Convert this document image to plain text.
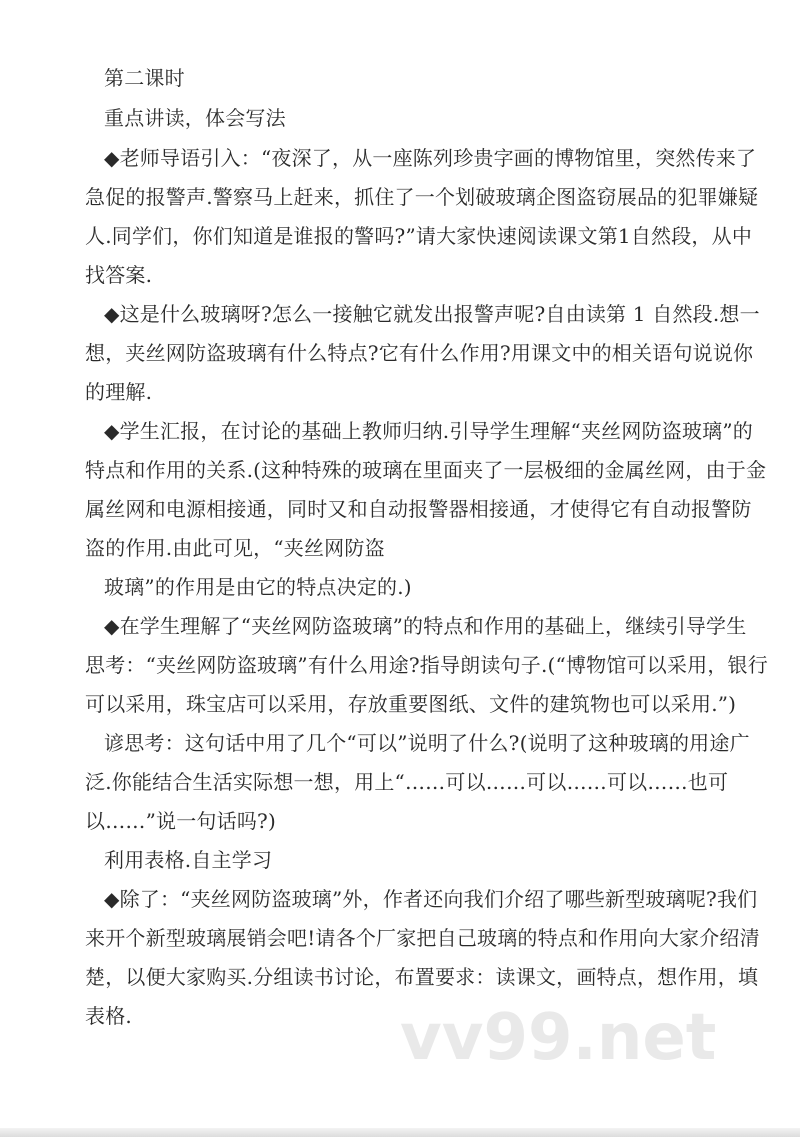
第二课时
重点讲读，体会写法
◆老师导语引入：“夜深了，从一座陈列珍贵字画的博物馆里，突然传来了
急促的报警声.警察马上赶来，抓住了一个划破玻璃企图盗窃展品的犯罪嫌疑
人.同学们，你们知道是谁报的警吗?”请大家快速阅读课文第1自然段，从中
找答案.
◆这是什么玻璃呀?怎么一接触它就发出报警声呢?自由读第 1 自然段.想一
想，夹丝网防盗玻璃有什么特点?它有什么作用?用课文中的相关语句说说你
的理解.
◆学生汇报，在讨论的基础上教师归纳.引导学生理解“夹丝网防盗玻璃”的
特点和作用的关系.(这种特殊的玻璃在里面夹了一层极细的金属丝网，由于金
属丝网和电源相接通，同时又和自动报警器相接通，才使得它有自动报警防
盗的作用.由此可见，“夹丝网防盗
玻璃”的作用是由它的特点决定的.)
◆在学生理解了“夹丝网防盗玻璃”的特点和作用的基础上，继续引导学生
思考：“夹丝网防盗玻璃”有什么用途?指导朗读句子.(“博物馆可以采用，银行
可以采用，珠宝店可以采用，存放重要图纸、文件的建筑物也可以采用.”)
谚思考：这句话中用了几个“可以”说明了什么?(说明了这种玻璃的用途广
泛.你能结合生活实际想一想，用上“……可以……可以……可以……也可
以……”说一句话吗?)
利用表格.自主学习
◆除了：“夹丝网防盗玻璃”外，作者还向我们介绍了哪些新型玻璃呢?我们
来开个新型玻璃展销会吧!请各个厂家把自己玻璃的特点和作用向大家介绍清
楚，以便大家购买.分组读书讨论，布置要求：读课文，画特点，想作用，填
表格.	vv99.net
